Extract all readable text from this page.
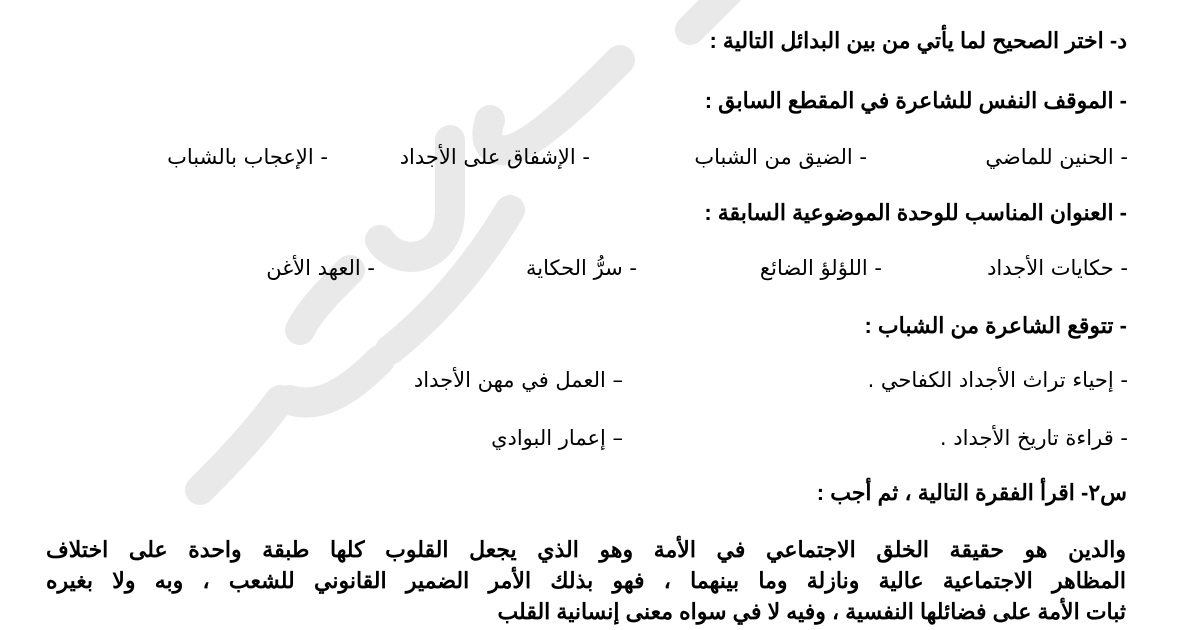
د- اختر الصحيح لما يأتي من بين البدائل التالية :
- الموقف النفس للشاعرة في المقطع السابق :
- الحنين للماضي
- الضيق من الشباب
- الإشفاق على الأجداد
- الإعجاب بالشباب
- العنوان المناسب للوحدة الموضوعية السابقة :
- حكايات الأجداد
- اللؤلؤ الضائع
- سرُّ الحكاية
- العهد الأغن
- تتوقع الشاعرة من الشباب :
- إحياء تراث الأجداد الكفاحي .
– العمل في مهن الأجداد
- قراءة تاريخ الأجداد .
– إعمار البوادي
س٢- اقرأ الفقرة التالية ، ثم أجب :
والدين هو حقيقة الخلق الاجتماعي في الأمة وهو الذي يجعل القلوب كلها طبقة واحدة على اختلاف
المظاهر الاجتماعية عالية ونازلة وما بينهما ، فهو بذلك الأمر الضمير القانوني للشعب ، وبه ولا بغيره
ثبات الأمة على فضائلها النفسية ، وفيه لا في سواه معنى إنسانية القلب
